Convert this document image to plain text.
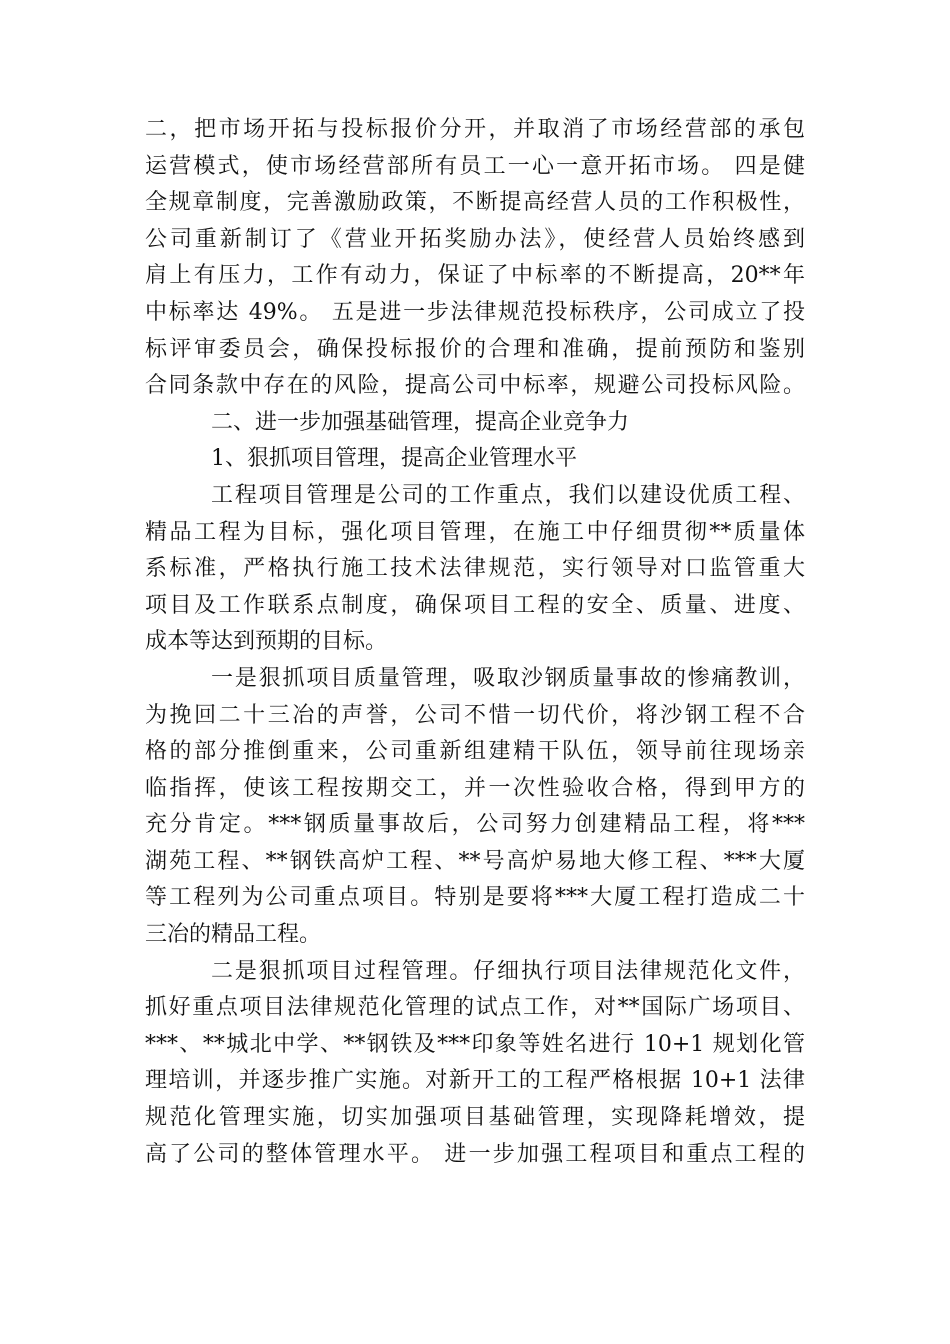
二，把市场开拓与投标报价分开，并取消了市场经营部的承包
运营模式，使市场经营部所有员工一心一意开拓市场。 四是健
全规章制度，完善激励政策，不断提高经营人员的工作积极性，
公司重新制订了《营业开拓奖励办法》，使经营人员始终感到
肩上有压力，工作有动力，保证了中标率的不断提高，20**年
中标率达 49%。 五是进一步法律规范投标秩序，公司成立了投
标评审委员会，确保投标报价的合理和准确，提前预防和鉴别
合同条款中存在的风险，提高公司中标率，规避公司投标风险。
二、进一步加强基础管理，提高企业竞争力
1、狠抓项目管理，提高企业管理水平
工程项目管理是公司的工作重点，我们以建设优质工程、
精品工程为目标，强化项目管理，在施工中仔细贯彻**质量体
系标准，严格执行施工技术法律规范，实行领导对口监管重大
项目及工作联系点制度，确保项目工程的安全、质量、进度、
成本等达到预期的目标。
一是狠抓项目质量管理，吸取沙钢质量事故的惨痛教训，
为挽回二十三冶的声誉，公司不惜一切代价，将沙钢工程不合
格的部分推倒重来，公司重新组建精干队伍，领导前往现场亲
临指挥，使该工程按期交工，并一次性验收合格，得到甲方的
充分肯定。***钢质量事故后，公司努力创建精品工程，将***
湖苑工程、**钢铁高炉工程、**号高炉易地大修工程、***大厦
等工程列为公司重点项目。特别是要将***大厦工程打造成二十
三冶的精品工程。
二是狠抓项目过程管理。仔细执行项目法律规范化文件，
抓好重点项目法律规范化管理的试点工作，对**国际广场项目、
***、**城北中学、**钢铁及***印象等姓名进行 10+1 规划化管
理培训，并逐步推广实施。对新开工的工程严格根据 10+1 法律
规范化管理实施，切实加强项目基础管理，实现降耗增效，提
高了公司的整体管理水平。 进一步加强工程项目和重点工程的
